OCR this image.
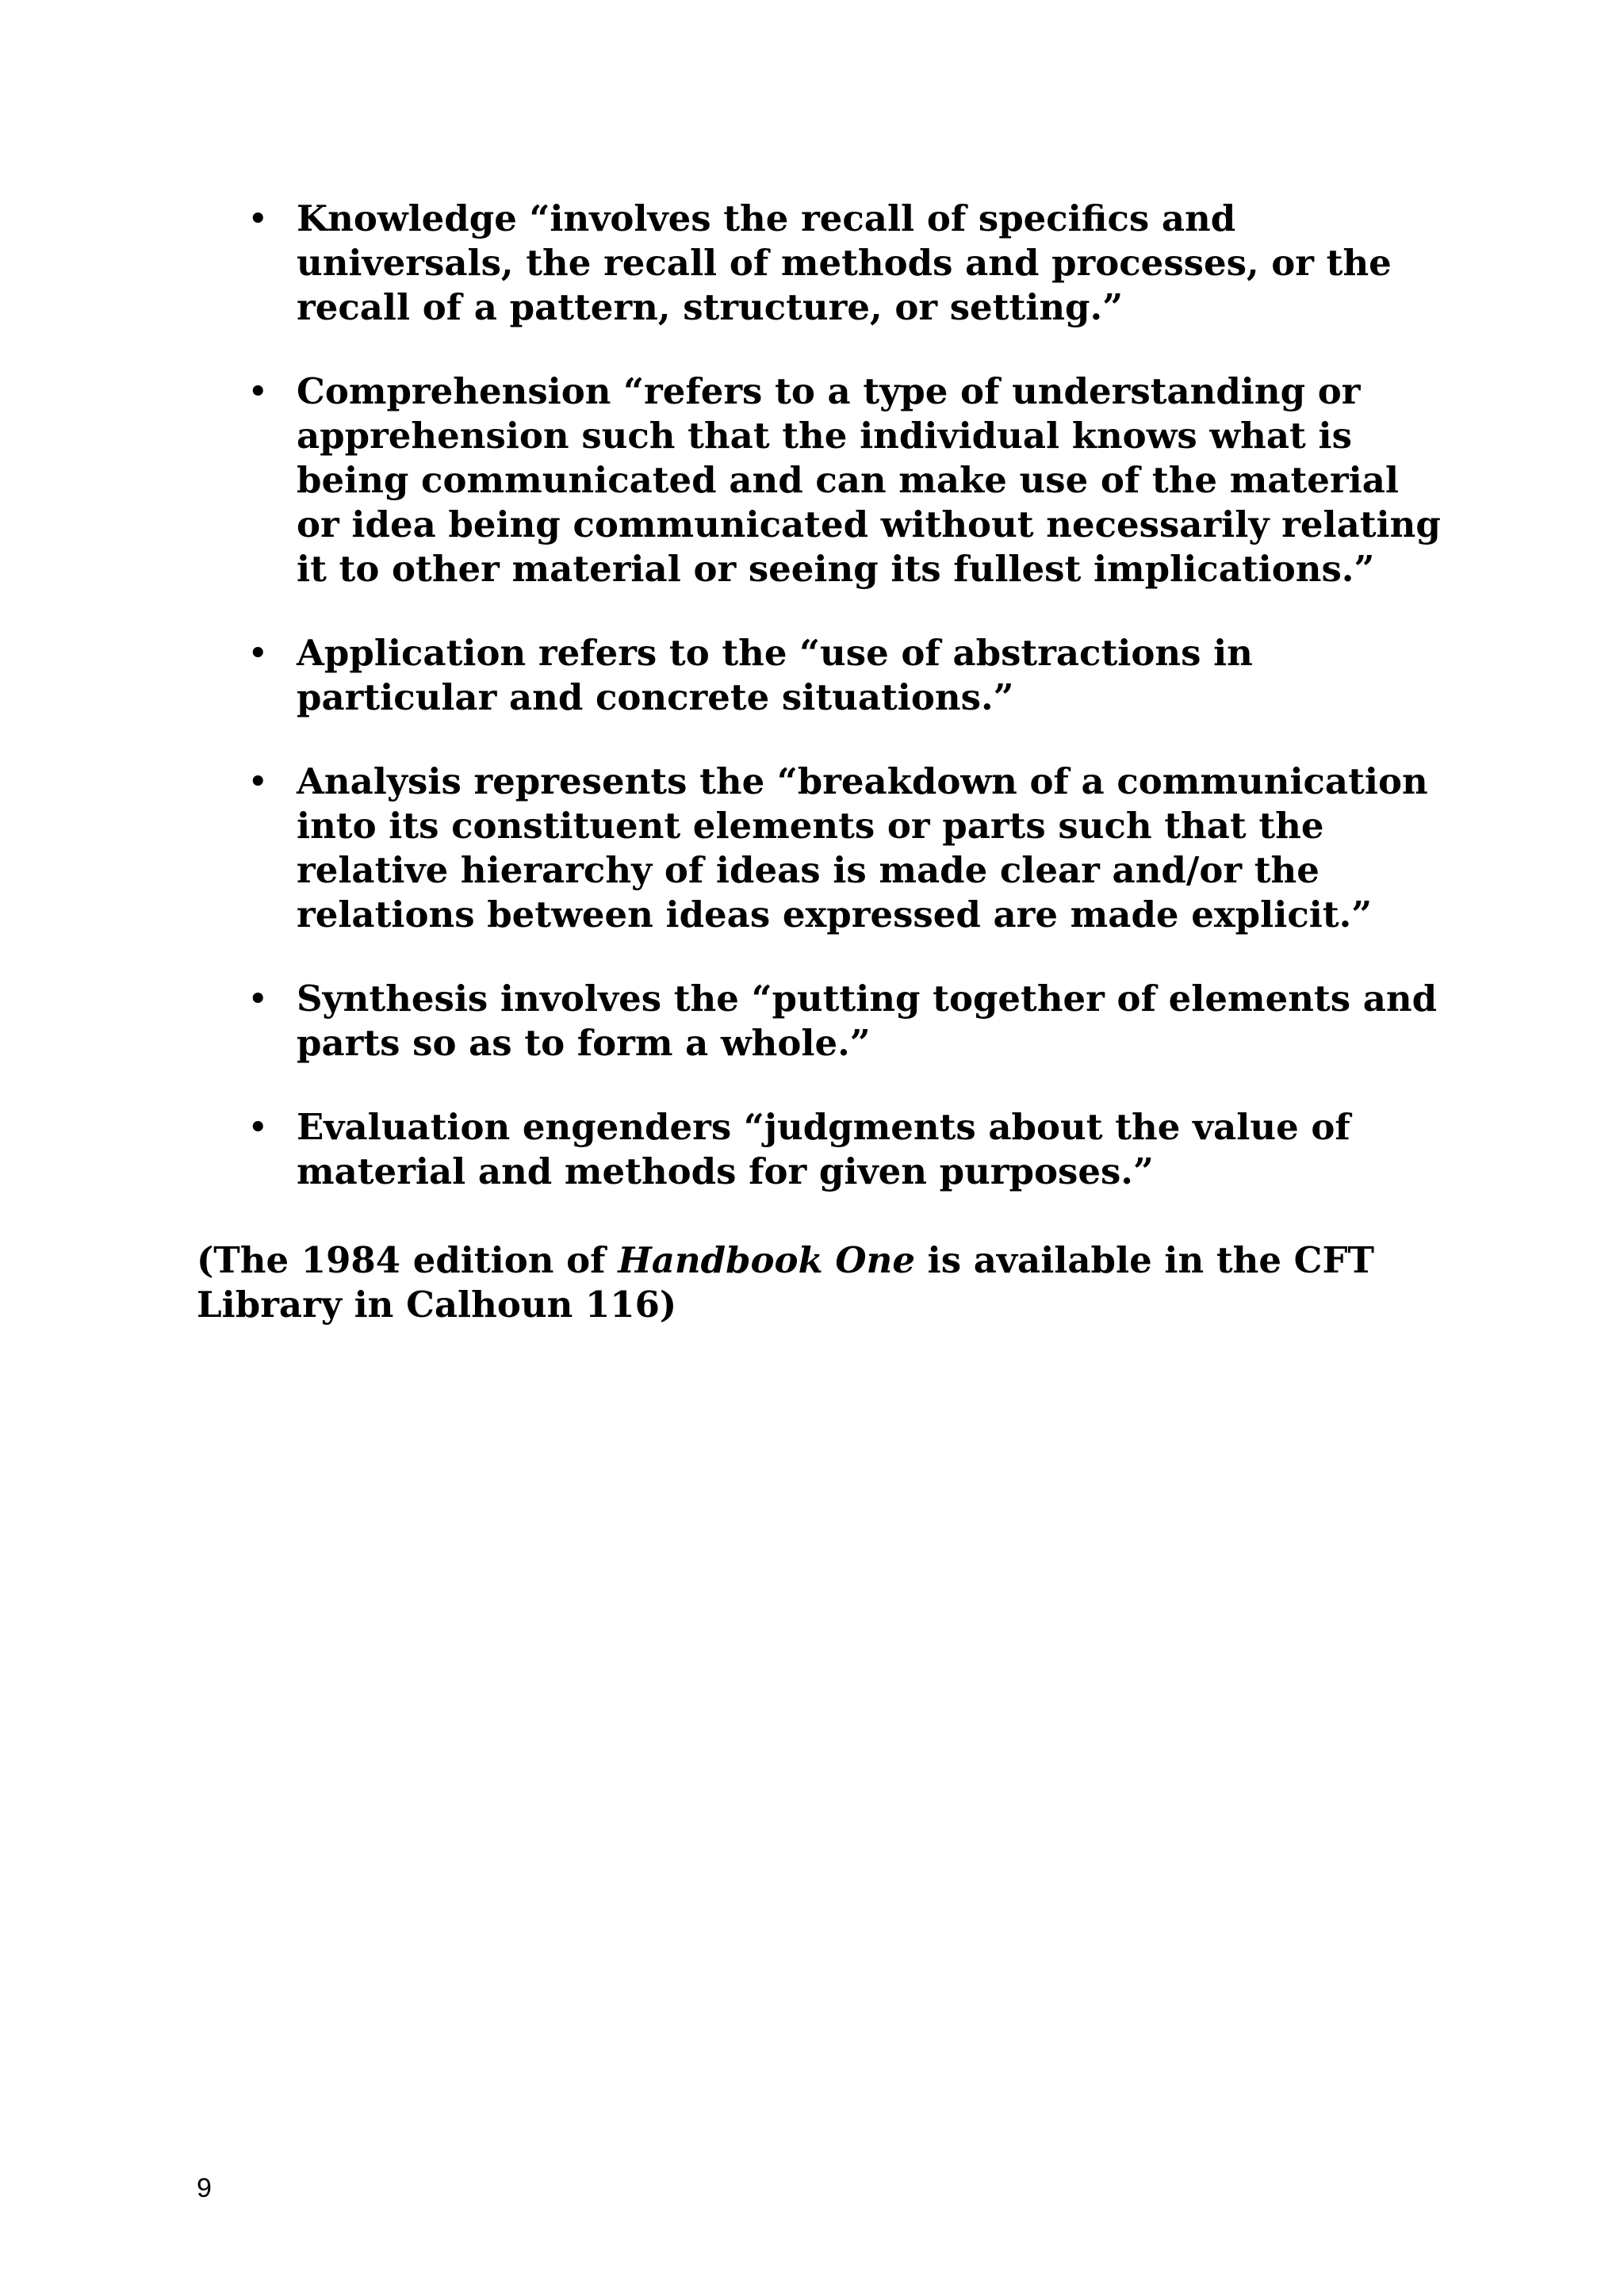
• Knowledge “involves the recall of specifics and universals, the recall of methods and processes, or the recall of a pattern, structure, or setting.”
• Comprehension “refers to a type of understanding or apprehension such that the individual knows what is being communicated and can make use of the material or idea being communicated without necessarily relating it to other material or seeing its fullest implications.”
• Application refers to the “use of abstractions in particular and concrete situations.”
• Analysis represents the “breakdown of a communication into its constituent elements or parts such that the relative hierarchy of ideas is made clear and/or the relations between ideas expressed are made explicit.”
• Synthesis involves the “putting together of elements and parts so as to form a whole.”
• Evaluation engenders “judgments about the value of material and methods for given purposes.”

(The 1984 edition of Handbook One is available in the CFT Library in Calhoun 116)

9
